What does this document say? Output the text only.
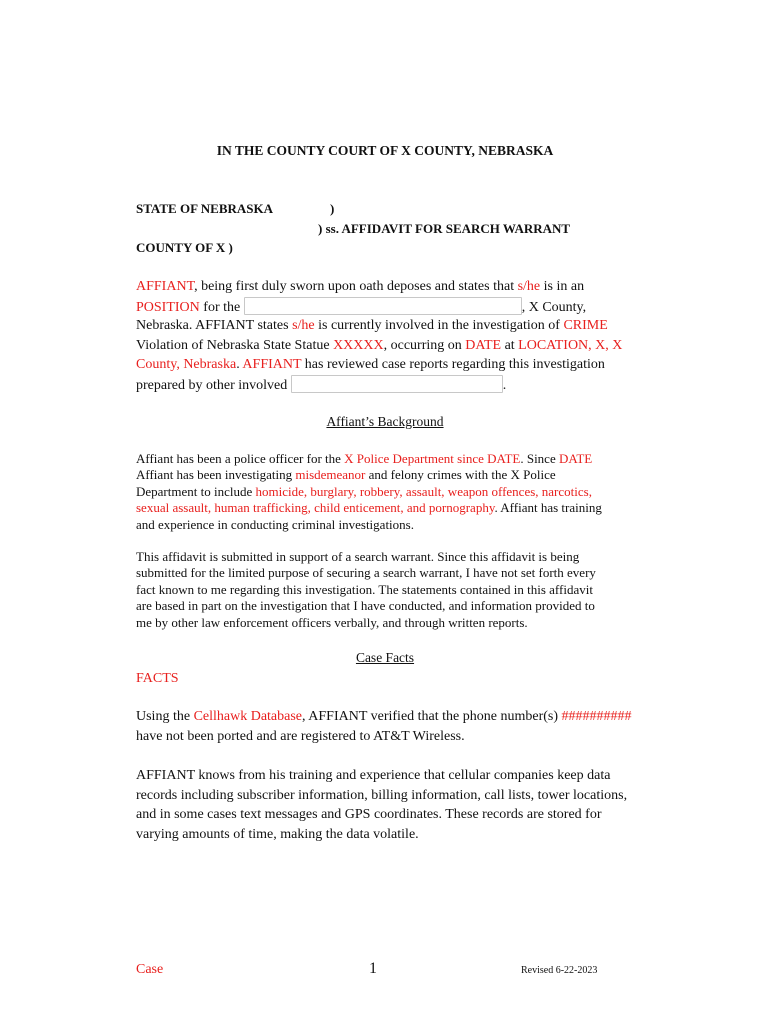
IN THE COUNTY COURT OF X COUNTY, NEBRASKA
STATE OF NEBRASKA	)
) ss. AFFIDAVIT FOR SEARCH WARRANT
COUNTY OF X )
AFFIANT, being first duly sworn upon oath deposes and states that s/he is in an
POSITION for the	, X County,
Nebraska. AFFIANT states s/he is currently involved in the investigation of CRIME
Violation of Nebraska State Statue XXXXX, occurring on DATE at LOCATION, X, X
County, Nebraska. AFFIANT has reviewed case reports regarding this investigation
prepared by other involved	.
Affiant’s Background
Affiant has been a police officer for the X Police Department since DATE. Since DATE
Affiant has been investigating misdemeanor and felony crimes with the X Police
Department to include homicide, burglary, robbery, assault, weapon offences, narcotics,
sexual assault, human trafficking, child enticement, and pornography. Affiant has training
and experience in conducting criminal investigations.
This affidavit is submitted in support of a search warrant. Since this affidavit is being
submitted for the limited purpose of securing a search warrant, I have not set forth every
fact known to me regarding this investigation. The statements contained in this affidavit
are based in part on the investigation that I have conducted, and information provided to
me by other law enforcement officers verbally, and through written reports.
Case Facts
FACTS
Using the Cellhawk Database, AFFIANT verified that the phone number(s) ##########
have not been ported and are registered to AT&T Wireless.
AFFIANT knows from his training and experience that cellular companies keep data
records including subscriber information, billing information, call lists, tower locations,
and in some cases text messages and GPS coordinates. These records are stored for
varying amounts of time, making the data volatile.
Case	1	Revised 6-22-2023
